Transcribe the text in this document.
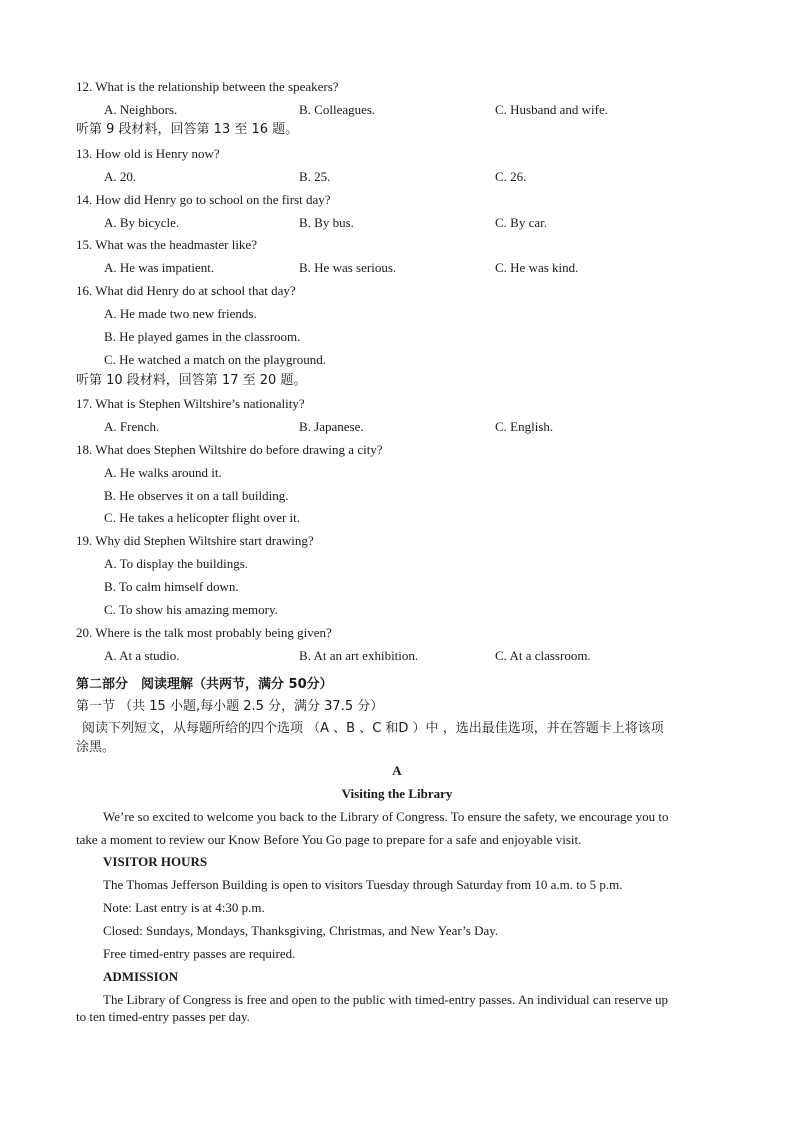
12. What is the relationship between the speakers?
A. Neighbors.	B. Colleagues.	C. Husband and wife.
听第 9 段材料，回答第 13 至 16 题。
13. How old is Henry now?
A. 20.	B. 25.	C. 26.
14. How did Henry go to school on the first day?
A. By bicycle.	B. By bus.	C. By car.
15. What was the headmaster like?
A. He was impatient.	B. He was serious.	C. He was kind.
16. What did Henry do at school that day?
A. He made two new friends.
B. He played games in the classroom.
C. He watched a match on the playground.
听第 10 段材料，回答第 17 至 20 题。
17. What is Stephen Wiltshire’s nationality?
A. French.	B. Japanese.	C. English.
18. What does Stephen Wiltshire do before drawing a city?
A. He walks around it.
B. He observes it on a tall building.
C. He takes a helicopter flight over it.
19. Why did Stephen Wiltshire start drawing?
A. To display the buildings.
B. To calm himself down.
C. To show his amazing memory.
20. Where is the talk most probably being given?
A. At a studio.	B. At an art exhibition.	C. At a classroom.
第二部分　阅读理解（共两节，满分 50分）
第一节 （共 15 小题,每小题 2.5 分，满分 37.5 分）
阅读下列短文，从每题所给的四个选项 （A 、B 、C 和D ）中 ，选出最佳选项，并在答题卡上将该项
涂黑。
A
Visiting the Library
We’re so excited to welcome you back to the Library of Congress. To ensure the safety, we encourage you to
take a moment to review our Know Before You Go page to prepare for a safe and enjoyable visit.
VISITOR HOURS
The Thomas Jefferson Building is open to visitors Tuesday through Saturday from 10 a.m. to 5 p.m.
Note: Last entry is at 4:30 p.m.
Closed: Sundays, Mondays, Thanksgiving, Christmas, and New Year’s Day.
Free timed-entry passes are required.
ADMISSION
The Library of Congress is free and open to the public with timed-entry passes. An individual can reserve up
to ten timed-entry passes per day.
